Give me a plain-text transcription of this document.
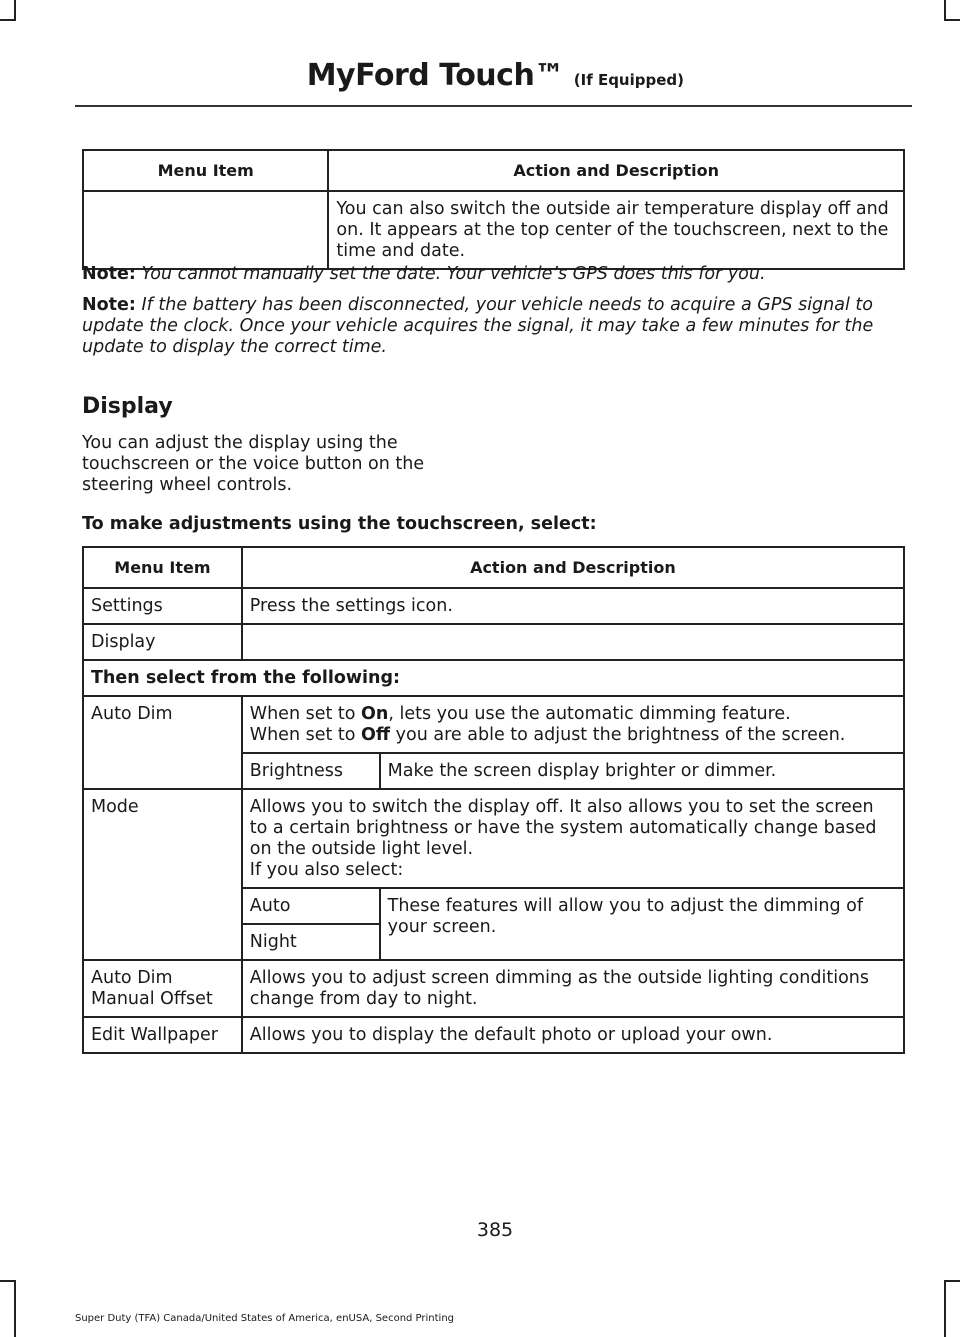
MyFord Touch™ (If Equipped)
Menu Item	Action and Description
	You can also switch the outside air temperature display off and on. It appears at the top center of the touchscreen, next to the time and date.
Note: You cannot manually set the date. Your vehicle’s GPS does this for you.
Note: If the battery has been disconnected, your vehicle needs to acquire a GPS signal to update the clock. Once your vehicle acquires the signal, it may take a few minutes for the update to display the correct time.
Display
You can adjust the display using the touchscreen or the voice button on the steering wheel controls.
To make adjustments using the touchscreen, select:
Menu Item	Action and Description	
Settings	Press the settings icon.	
Display		
Then select from the following:		
Auto Dim	When set to On, lets you use the automatic dimming feature.
When set to Off you are able to adjust the brightness of the screen.	

	Brightness	Make the screen display brighter or dimmer.
Mode	Allows you to switch the display off. It also allows you to set the screen to a certain brightness or have the system automatically change based on the outside light level.
If you also select:	

	Auto	These features will allow you to adjust the dimming of your screen.
	Night	

Auto Dim
Manual Offset	Allows you to adjust screen dimming as the outside lighting conditions change from day to night.	
Edit Wallpaper	Allows you to display the default photo or upload your own.	
385
Super Duty (TFA) Canada/United States of America, enUSA, Second Printing
